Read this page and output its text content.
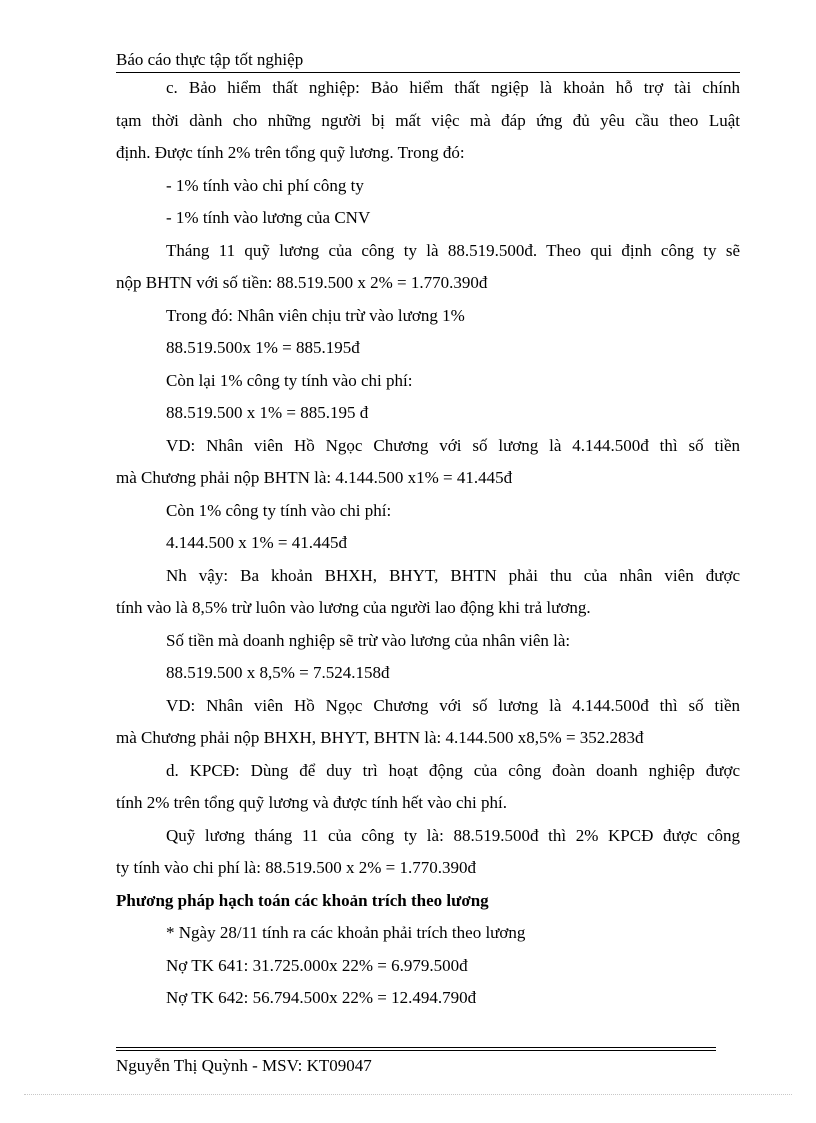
Báo cáo thực tập tốt nghiệp
c. Bảo hiểm thất nghiệp: Bảo hiểm thất ngiệp là khoản hỗ trợ tài chính
tạm thời dành cho những người bị mất việc mà đáp ứng đủ yêu cầu theo Luật
định. Được tính 2% trên tổng quỹ lương. Trong đó:
- 1% tính vào chi phí công ty
- 1% tính vào lương của CNV
Tháng 11 quỹ lương của công ty là 88.519.500đ. Theo qui định công ty sẽ
nộp BHTN với số tiền: 88.519.500 x 2% = 1.770.390đ
Trong đó: Nhân viên chịu trừ vào lương 1%
88.519.500x 1% = 885.195đ
Còn lại 1% công ty tính vào chi phí:
88.519.500 x 1% = 885.195 đ
VD: Nhân viên Hồ Ngọc Chương với số lương là 4.144.500đ thì số tiền
mà Chương phải nộp BHTN là: 4.144.500 x1% = 41.445đ
Còn 1% công ty tính vào chi phí:
4.144.500 x 1% = 41.445đ
Nh vậy: Ba khoản BHXH, BHYT, BHTN phải thu của nhân viên được
tính vào là 8,5% trừ luôn vào lương của người lao động khi trả lương.
Số tiền mà doanh nghiệp sẽ trừ vào lương của nhân viên là:
88.519.500 x 8,5% = 7.524.158đ
VD: Nhân viên Hồ Ngọc Chương với số lương là 4.144.500đ thì số tiền
mà Chương phải nộp BHXH, BHYT, BHTN là: 4.144.500 x8,5% = 352.283đ
d. KPCĐ: Dùng để duy trì hoạt động của công đoàn doanh nghiệp được
tính 2% trên tổng quỹ lương và được tính hết vào chi phí.
Quỹ lương tháng 11 của công ty là: 88.519.500đ thì 2% KPCĐ được công
ty tính vào chi phí là: 88.519.500 x 2% = 1.770.390đ
Phương pháp hạch toán các khoản trích theo lương
* Ngày 28/11 tính ra các khoản phải trích theo lương
Nợ TK 641: 31.725.000x 22% = 6.979.500đ
Nợ TK 642: 56.794.500x 22% = 12.494.790đ
Nguyễn Thị Quỳnh - MSV: KT09047
